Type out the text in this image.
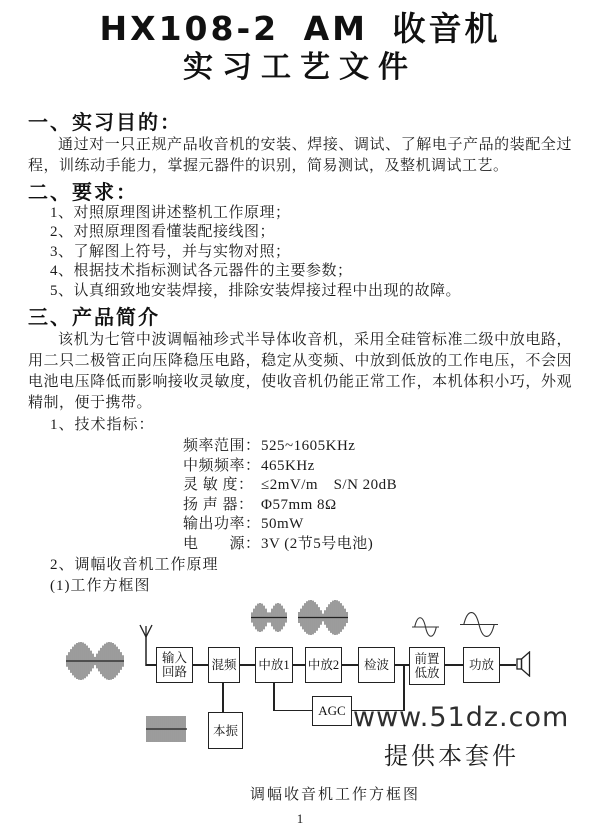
HX108-2 AM 收音机
实习工艺文件
一、实习目的：

通过对一只正规产品收音机的安装、焊接、调试、了解电子产品的装配全过程，训练动手能力，掌握元器件的识别，简易测试，及整机调试工艺。

二、要求：
1、对照原理图讲述整机工作原理；
2、对照原理图看懂装配接线图；
3、了解图上符号，并与实物对照；
4、根据技术指标测试各元器件的主要参数；
5、认真细致地安装焊接，排除安装焊接过程中出现的故障。
三、产品简介

该机为七管中波调幅袖珍式半导体收音机，采用全硅管标准二级中放电路，用二只二极管正向压降稳压电路，稳定从变频、中放到低放的工作电压，不会因电池电压降低而影响接收灵敏度，使收音机仍能正常工作，本机体积小巧，外观精制，便于携带。

1、技术指标：

频率范围：525~1605KHz
中频频率：465KHz
灵 敏 度： ≤2mV/m　S/N 20dB
扬 声 器： Φ57mm 8Ω
输出功率：50mW
电　　源：3V (2节5号电池)

2、调幅收音机工作原理

(1)工作方框图

输入回路
混频 中放1 中放2	检波	前置低放
功放
AGC
本振	www.51dz.com
提供本套件
调幅收音机工作方框图
1
